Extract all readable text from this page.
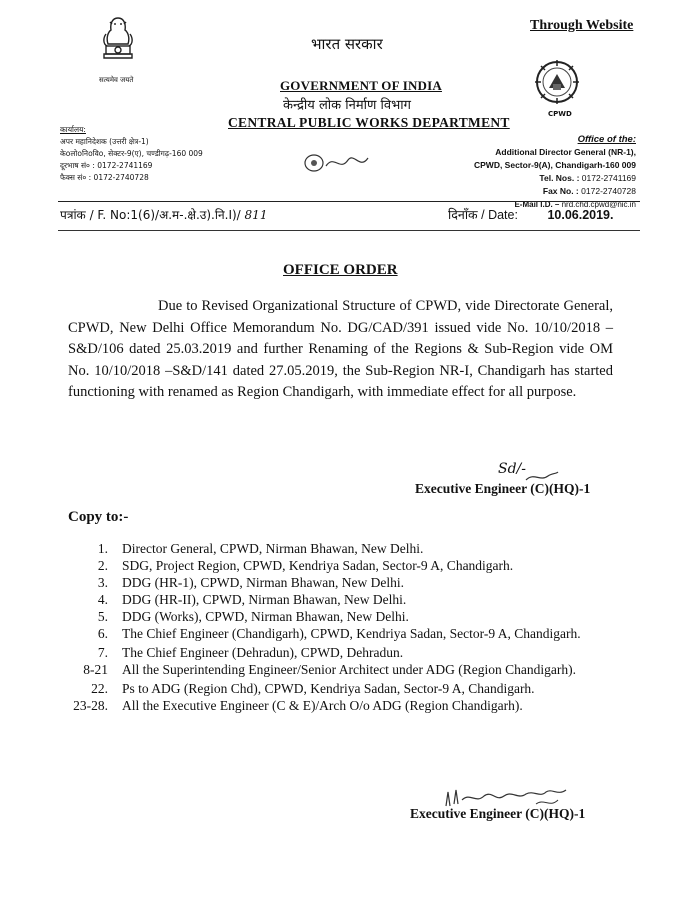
Through Website
सत्यमेव जयते
भारत सरकार
GOVERNMENT OF INDIA
केन्द्रीय लोक निर्माण विभाग
CENTRAL PUBLIC WORKS DEPARTMENT
CPWD
कार्यालय:
अपर महानिदेशक (उत्तरी क्षेत्र-1)
केoलोoनिoविo, सेक्टर-9(ए), चण्डीगढ़-160 009
दूरभाष सं० : 0172-2741169
फैक्स सं० : 0172-2740728
Office of the:
Additional Director General (NR-1),
CPWD, Sector-9(A), Chandigarh-160 009
Tel. Nos. : 0172-2741169
Fax No. : 0172-2740728
E-Mail I.D. – nrd.chd.cpwd@nic.in
पत्रांक / F. No:1(6)/अ.म-.क्षे.उ).नि.I)/ 811	दिनाँक / Date: 10.06.2019.
OFFICE ORDER

Due to Revised Organizational Structure of CPWD, vide Directorate General, CPWD, New Delhi Office Memorandum No. DG/CAD/391 issued vide No. 10/10/2018 –S&D/106 dated 25.03.2019 and further Renaming of the Regions & Sub-Region vide OM No. 10/10/2018 –S&D/141 dated 27.05.2019, the Sub-Region NR-I, Chandigarh has started functioning with renamed as Region Chandigarh, with immediate effect for all purpose.

Sd/-
Executive Engineer (C)(HQ)-1
Copy to:-
1.	Director General, CPWD, Nirman Bhawan, New Delhi.
2.	SDG, Project Region, CPWD, Kendriya Sadan, Sector-9 A, Chandigarh.
3.	DDG (HR-1), CPWD, Nirman Bhawan, New Delhi.
4.	DDG (HR-II), CPWD, Nirman Bhawan, New Delhi.
5.	DDG (Works), CPWD, Nirman Bhawan, New Delhi.
6.	The Chief Engineer (Chandigarh), CPWD, Kendriya Sadan, Sector-9 A, Chandigarh.
7.	The Chief Engineer (Dehradun), CPWD, Dehradun.
8-21	All the Superintending Engineer/Senior Architect under ADG (Region Chandigarh).
22.	Ps to ADG (Region Chd), CPWD, Kendriya Sadan, Sector-9 A, Chandigarh.
23-28.	All the Executive Engineer (C & E)/Arch O/o ADG (Region Chandigarh).
Executive Engineer (C)(HQ)-1
